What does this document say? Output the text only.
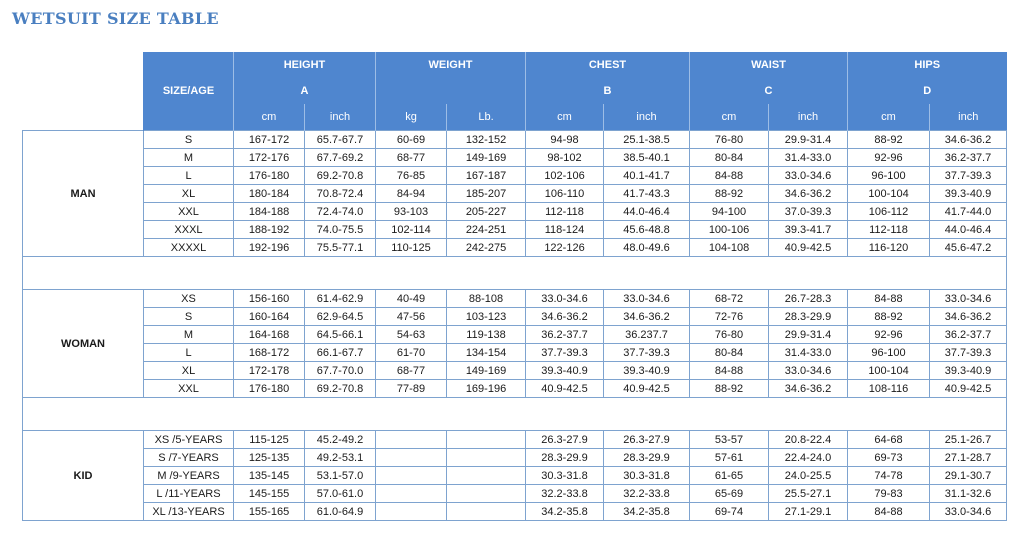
WETSUIT SIZE TABLE
	SIZE/AGE	HEIGHT		WEIGHT		CHEST		WAIST		HIPS	
		A				B		C		D	
		cm	inch	kg	Lb.	cm	inch	cm	inch	cm	inch
MAN	S	167-172	65.7-67.7	60-69	132-152	94-98	25.1-38.5	76-80	29.9-31.4	88-92	34.6-36.2
	M	172-176	67.7-69.2	68-77	149-169	98-102	38.5-40.1	80-84	31.4-33.0	92-96	36.2-37.7
	L	176-180	69.2-70.8	76-85	167-187	102-106	40.1-41.7	84-88	33.0-34.6	96-100	37.7-39.3
	XL	180-184	70.8-72.4	84-94	185-207	106-110	41.7-43.3	88-92	34.6-36.2	100-104	39.3-40.9
	XXL	184-188	72.4-74.0	93-103	205-227	112-118	44.0-46.4	94-100	37.0-39.3	106-112	41.7-44.0
	XXXL	188-192	74.0-75.5	102-114	224-251	118-124	45.6-48.8	100-106	39.3-41.7	112-118	44.0-46.4
	XXXXL	192-196	75.5-77.1	110-125	242-275	122-126	48.0-49.6	104-108	40.9-42.5	116-120	45.6-47.2

WOMAN	XS	156-160	61.4-62.9	40-49	88-108	33.0-34.6	33.0-34.6	68-72	26.7-28.3	84-88	33.0-34.6
	S	160-164	62.9-64.5	47-56	103-123	34.6-36.2	34.6-36.2	72-76	28.3-29.9	88-92	34.6-36.2
	M	164-168	64.5-66.1	54-63	119-138	36.2-37.7	36.237.7	76-80	29.9-31.4	92-96	36.2-37.7
	L	168-172	66.1-67.7	61-70	134-154	37.7-39.3	37.7-39.3	80-84	31.4-33.0	96-100	37.7-39.3
	XL	172-178	67.7-70.0	68-77	149-169	39.3-40.9	39.3-40.9	84-88	33.0-34.6	100-104	39.3-40.9
	XXL	176-180	69.2-70.8	77-89	169-196	40.9-42.5	40.9-42.5	88-92	34.6-36.2	108-116	40.9-42.5

KID	XS /5-YEARS	115-125	45.2-49.2			26.3-27.9	26.3-27.9	53-57	20.8-22.4	64-68	25.1-26.7
	S /7-YEARS	125-135	49.2-53.1			28.3-29.9	28.3-29.9	57-61	22.4-24.0	69-73	27.1-28.7
	M /9-YEARS	135-145	53.1-57.0			30.3-31.8	30.3-31.8	61-65	24.0-25.5	74-78	29.1-30.7
	L /11-YEARS	145-155	57.0-61.0			32.2-33.8	32.2-33.8	65-69	25.5-27.1	79-83	31.1-32.6
	XL /13-YEARS	155-165	61.0-64.9			34.2-35.8	34.2-35.8	69-74	27.1-29.1	84-88	33.0-34.6
